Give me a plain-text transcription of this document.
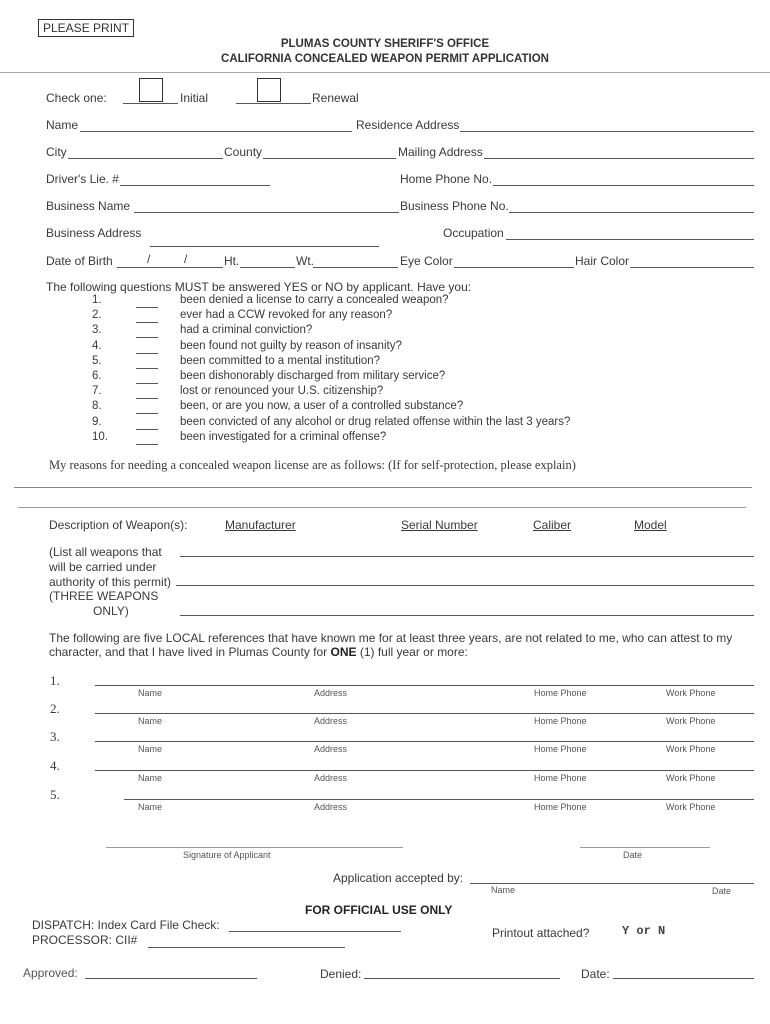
PLEASE PRINT
PLUMAS COUNTY SHERIFF'S OFFICE
CALIFORNIA CONCEALED WEAPON PERMIT APPLICATION
Check one:	Initial	Renewal
Name	Residence Address
City	County	Mailing Address
Driver's Lie. #	Home Phone No.
Business Name	Business Phone No.
Business Address	Occupation
Date of Birth	/	/	Ht.	Wt.	Eye Color	Hair Color
The following questions MUST be answered YES or NO by applicant. Have you:
1.	been denied a license to carry a concealed weapon?
2.	ever had a CCW revoked for any reason?
3.	had a criminal conviction?
4.	been found not guilty by reason of insanity?
5.	been committed to a mental institution?
6.	been dishonorably discharged from military service?
7.	lost or renounced your U.S. citizenship?
8.	been, or are you now, a user of a controlled substance?
9.	been convicted of any alcohol or drug related offense within the last 3 years?
10.	been investigated for a criminal offense?
My reasons for needing a concealed weapon license are as follows: (If for self-protection, please explain)
Description of Weapon(s):	Manufacturer	Serial Number	Caliber	Model
(List all weapons that
will be carried under
authority of this permit)
(THREE WEAPONS
ONLY)
The following are five LOCAL references that have known me for at least three years, are not related to me, who can attest to my
character, and that I have lived in Plumas County for ONE (1) full year or more:
1.
Name	Address	Home Phone	Work Phone
2.
Name	Address	Home Phone	Work Phone
3.
Name	Address	Home Phone	Work Phone
4.
Name	Address	Home Phone	Work Phone
5.
Name	Address	Home Phone	Work Phone
Signature of Applicant	Date
Application accepted by:
Name	Date
FOR OFFICIAL USE ONLY
DISPATCH: Index Card File Check:
PROCESSOR: CII#	Printout attached?	Y or N
Approved:	Denied:	Date:
